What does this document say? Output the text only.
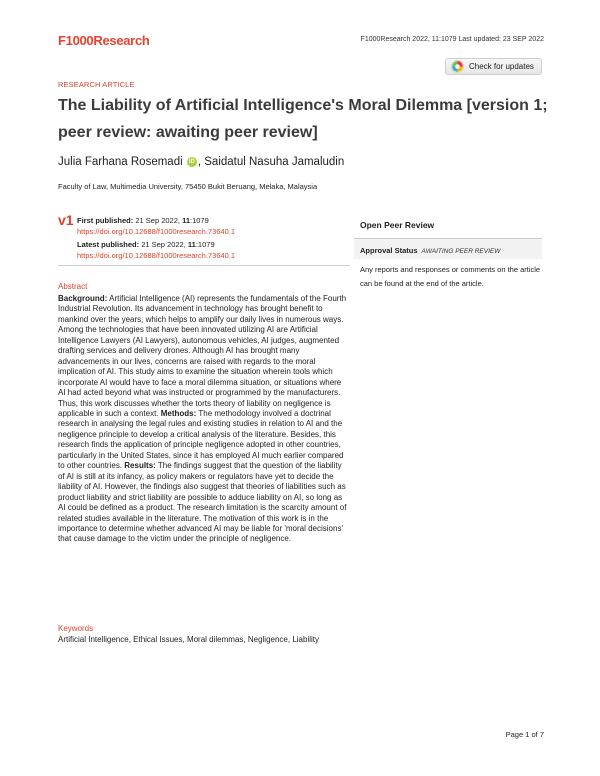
F1000Research	F1000Research 2022, 11:1079 Last updated: 23 SEP 2022
RESEARCH ARTICLE
Check for updates
The Liability of Artificial Intelligence's Moral Dilemma [version 1; peer review: awaiting peer review]
Julia Farhana Rosemadi iD , Saidatul Nasuha Jamaludin
Faculty of Law, Multimedia University, 75450 Bukit Beruang, Melaka, Malaysia
v1 First published: 21 Sep 2022, 11:1079
https://doi.org/10.12688/f1000research.73640.1
Latest published: 21 Sep 2022, 11:1079
https://doi.org/10.12688/f1000research.73640.1
Open Peer Review
Approval Status AWAITING PEER REVIEW
Any reports and responses or comments on the article can be found at the end of the article.
Abstract
Background: Artificial Intelligence (AI) represents the fundamentals of the Fourth Industrial Revolution. Its advancement in technology has brought benefit to mankind over the years, which helps to amplify our daily lives in numerous ways. Among the technologies that have been innovated utilizing AI are Artificial Intelligence Lawyers (AI Lawyers), autonomous vehicles, AI judges, augmented drafting services and delivery drones. Although AI has brought many advancements in our lives, concerns are raised with regards to the moral implication of AI. This study aims to examine the situation wherein tools which incorporate AI would have to face a moral dilemma situation, or situations where AI had acted beyond what was instructed or programmed by the manufacturers. Thus, this work discusses whether the torts theory of liability on negligence is applicable in such a context. Methods: The methodology involved a doctrinal research in analysing the legal rules and existing studies in relation to AI and the negligence principle to develop a critical analysis of the literature. Besides, this research finds the application of principle negligence adopted in other countries, particularly in the United States, since it has employed AI much earlier compared to other countries. Results: The findings suggest that the question of the liability of AI is still at its infancy, as policy makers or regulators have yet to decide the liability of AI. However, the findings also suggest that theories of liabilities such as product liability and strict liability are possible to adduce liability on AI, so long as AI could be defined as a product. The research limitation is the scarcity amount of related studies available in the literature. The motivation of this work is in the importance to determine whether advanced AI may be liable for 'moral decisions' that cause damage to the victim under the principle of negligence.
Keywords
Artificial Intelligence, Ethical Issues, Moral dilemmas, Negligence, Liability
Page 1 of 7
